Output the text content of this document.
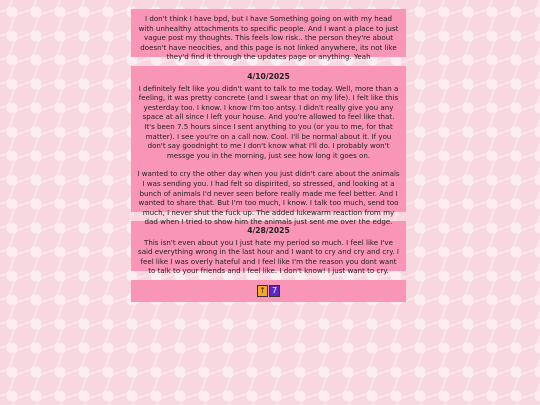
I don't think I have bpd, but I have Something going on with my head with unhealthy attachments to specific people. And I want a place to just vague post my thoughts. This feels low risk.. the person they're about doesn't have neocities, and this page is not linked anywhere, its not like they'd find it through the updates page or anything. Yeah

4/10/2025

I definitely felt like you didn't want to talk to me today. Well, more than a feeling, it was pretty concrete (and I swear that on my life). I felt like this yesterday too. I know. I know I'm too antsy. I didn't really give you any space at all since I left your house. And you're allowed to feel like that. It's been 7.5 hours since I sent anything to you (or you to me, for that matter). I see you're on a call now. Cool. I'll be normal about it. If you don't say goodnight to me I don't know what I'll do. I probably won't messge you in the morning, just see how long it goes on.

I wanted to cry the other day when you just didn't care about the animals I was sending you. I had felt so dispirited, so stressed, and looking at a bunch of animals I'd never seen before really made me feel better. And I wanted to share that. But I'm too much, I know. I talk too much, send too much, I never shut the fuck up. The added lukewarm reaction from my dad when I tried to show him the animals just sent me over the edge.

4/28/2025

This isn't even about you I just hate my period so much. I feel like I've said everything wrong in the last hour and I want to cry and cry and cry. I feel like I was overly hateful and I feel like I'm the reason you dont want to talk to your friends and I feel like. I don't know! I just want to cry.

↑ 7
